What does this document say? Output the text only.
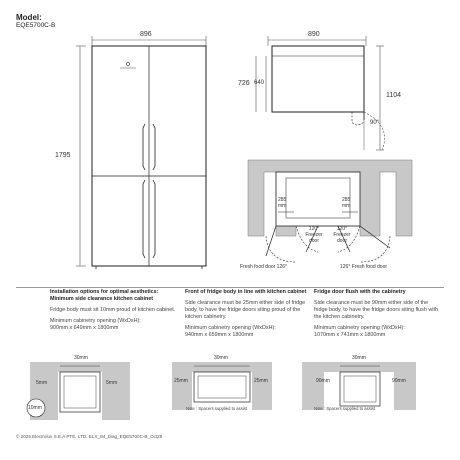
Model:
EQE5700C-B
896
1795
890
1104
726 640
90°
285 mm
285 mm
120° Freezer door
120° Freezer door
Fresh food door 126°	126° Fresh food door
Installation options for optimal aesthetics:
Minimum side clearance kitchen cabinet
Fridge body must sit 10mm proud of kitchen cabinet.
Minimum cabinetry opening (WxDxH):
900mm x 649mm x 1800mm
Front of fridge body in line with kitchen cabinet
Side clearance must be 25mm either side of fridge body, to have the fridge doors siting proud of the kitchen cabinetry.
Minimum cabinetry opening (WxDxH):
940mm x 659mm x 1800mm
Fridge door flush with the cabinetry
Side clearance must be 90mm either side of the fridge body, to have the fridge doors siting flush with the kitchen cabinetry.
Minimum cabinetry opening (WxDxH):
1070mm x 741mm x 1800mm
30mm
5mm	5mm
10mm
30mm
25mm	25mm
Note : Spacers supplied to assist
30mm
90mm	90mm
Note : Spacers supplied to assist
© 2025 Electrolux S.E.A PTE. LTD. ELX_IM_Diag_EQE5700C-B_Oct25
